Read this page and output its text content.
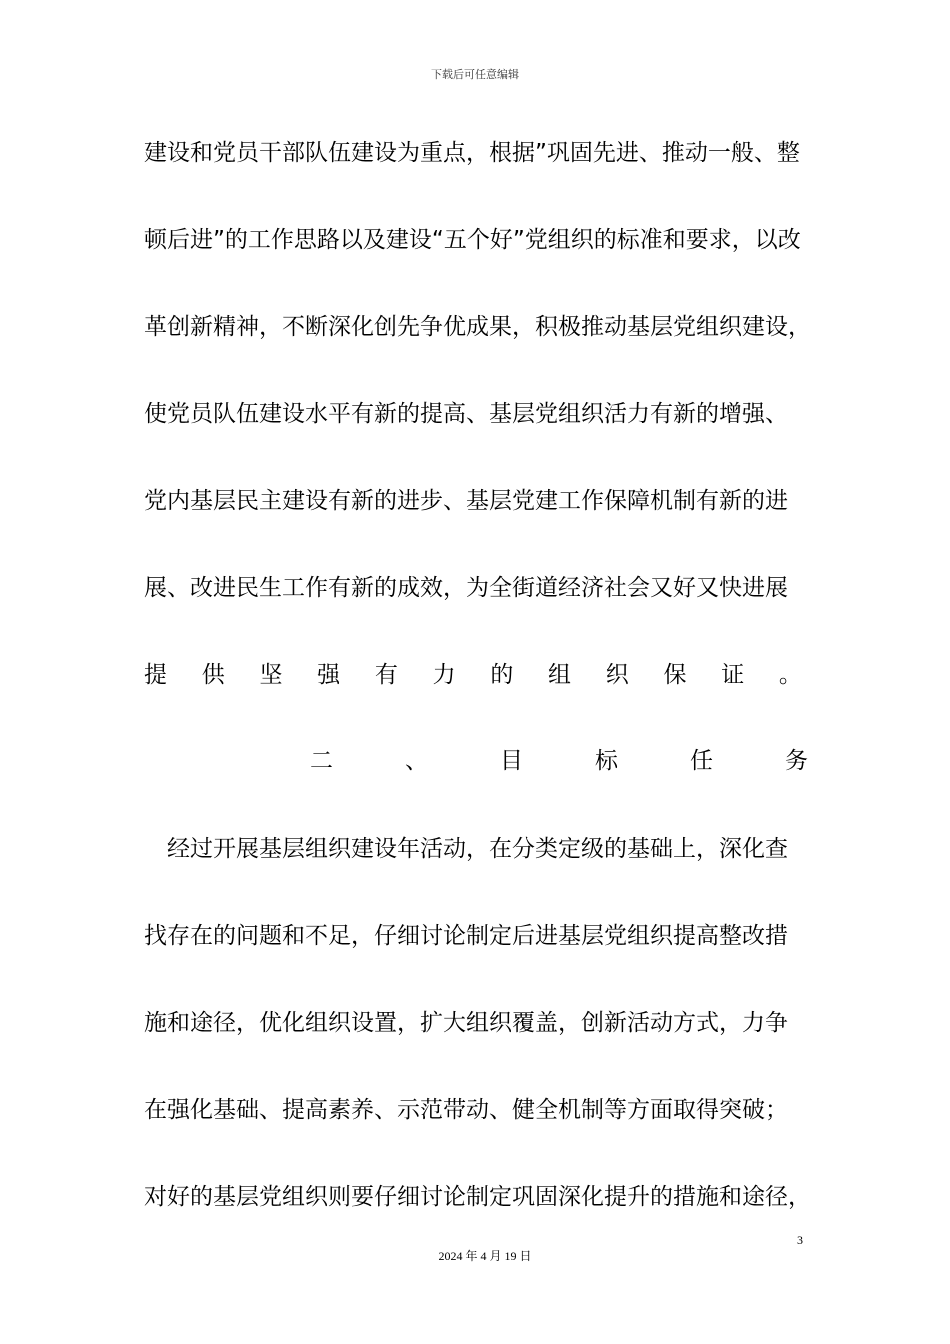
下载后可任意编辑
建设和党员干部队伍建设为重点，根据”巩固先进、推动一般、整
顿后进”的工作思路以及建设“五个好”党组织的标准和要求，以改
革创新精神，不断深化创先争优成果，积极推动基层党组织建设，
使党员队伍建设水平有新的提高、基层党组织活力有新的增强、
党内基层民主建设有新的进步、基层党建工作保障机制有新的进
展、改进民生工作有新的成效，为全街道经济社会又好又快进展
提 供 坚 强 有 力 的 组 织 保 证 。
二	、	目	标	任	务
　经过开展基层组织建设年活动，在分类定级的基础上，深化查
找存在的问题和不足，仔细讨论制定后进基层党组织提高整改措
施和途径，优化组织设置，扩大组织覆盖，创新活动方式，力争
在强化基础、提高素养、示范带动、健全机制等方面取得突破；
对好的基层党组织则要仔细讨论制定巩固深化提升的措施和途径，
3
2024 年 4 月 19 日
